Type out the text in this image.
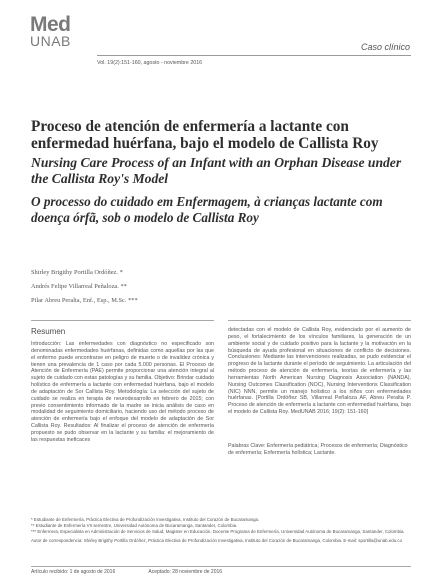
Med
UNAB	Caso clínico
Vol. 19(2):151-160, agosto - noviembre 2016
Proceso de atención de enfermería a lactante con enfermedad huérfana, bajo el modelo de Callista Roy
Nursing Care Process of an Infant with an Orphan Disease under the Callista Roy's Model
O processo do cuidado em Enfermagem, à crianças lactante com doença órfã, sob o modelo de Callista Roy
Shirley Brigithy Portilla Ordóñez. *
Andrés Felipe Villarreal Peñaloza. **
Pilar Abreu Peralta, Enf., Esp., M.Sc. ***
Resumen

Introducción: Las enfermedades con diagnóstico no especificado son denominadas enfermedades huérfanas, definidas como aquellas por las que el enfermo puede encontrarse en peligro de muerte o de invalidez crónica y tienen una prevalencia de 1 caso por cada 5.000 personas. El Proceso de Atención de Enfermería (PAE) permite proporcionar una atención integral al sujeto de cuidado con estas patologías y su familia. Objetivo: Brindar cuidado holístico de enfermería a lactante con enfermedad huérfana, bajo el modelo de adaptación de Sor Callista Roy. Metodología: La selección del sujeto de cuidado se realiza en terapia de neurodesarrollo en febrero de 2015; con previo consentimiento informado de la madre se inicia análisis de caso en modalidad de seguimiento domiciliario, haciendo uso del método proceso de atención de enfermería bajo el enfoque del modelo de adaptación de Sor Callista Roy. Resultados: Al finalizar el proceso de atención de enfermería propuesto se pudo observar en la lactante y su familia: el mejoramiento de las respuestas ineficaces

detectadas con el modelo de Callista Roy, evidenciado por el aumento de peso, el fortalecimiento de los vínculos familiares, la generación de un ambiente social y de cuidado positivo para la lactante y la motivación en la búsqueda de ayuda profesional en situaciones de conflicto de decisiones. Conclusiones: Mediante las intervenciones realizadas, se pudo evidenciar el progreso de la lactante durante el período de seguimiento. La articulación del método proceso de atención de enfermería, teorías de enfermería y las herramientas North American Nursing Diagnosis Association (NANDA), Nursing Outcomes Classification (NOC), Nursing Interventions Classification (NIC) NNN, permite un manejo holístico a los niños con enfermedades huérfanas. [Portilla Ordóñez SB, Villarreal Peñaloza AF, Abreu Peralta P. Proceso de atención de enfermería a lactante con enfermedad huérfana, bajo el modelo de Callista Roy. MedUNAB 2016; 19(2): 151-160]

Palabras Clave: Enfermería pediátrica; Procesos de enfermería; Diagnóstico de enfermería; Enfermería holística; Lactante.

* Estudiante de Enfermería, Práctica Electiva de Profundización Investigativa, Instituto del Corazón de Bucaramanga.

** Estudiante de Enfermería VII semestre, Universidad Autónoma de Bucaramanga, Santander, Colombia.

*** Enfermera, Especialista en Administración de Servicios de Salud, Magister en Educación, Docente Programa de Enfermería, Universidad Autónoma de Bucaramanga, Santander, Colombia.

Autor de correspondencia: Shirley Brigithy Portilla Ordóñez, Práctica Electiva de Profundización Investigativa, Instituto del Corazón de Bucaramanga, Colombia. E-mail: sportilla@unab.edu.co

Artículo recibido: 1 de agosto de 2016	Aceptado: 28 noviembre de 2016
